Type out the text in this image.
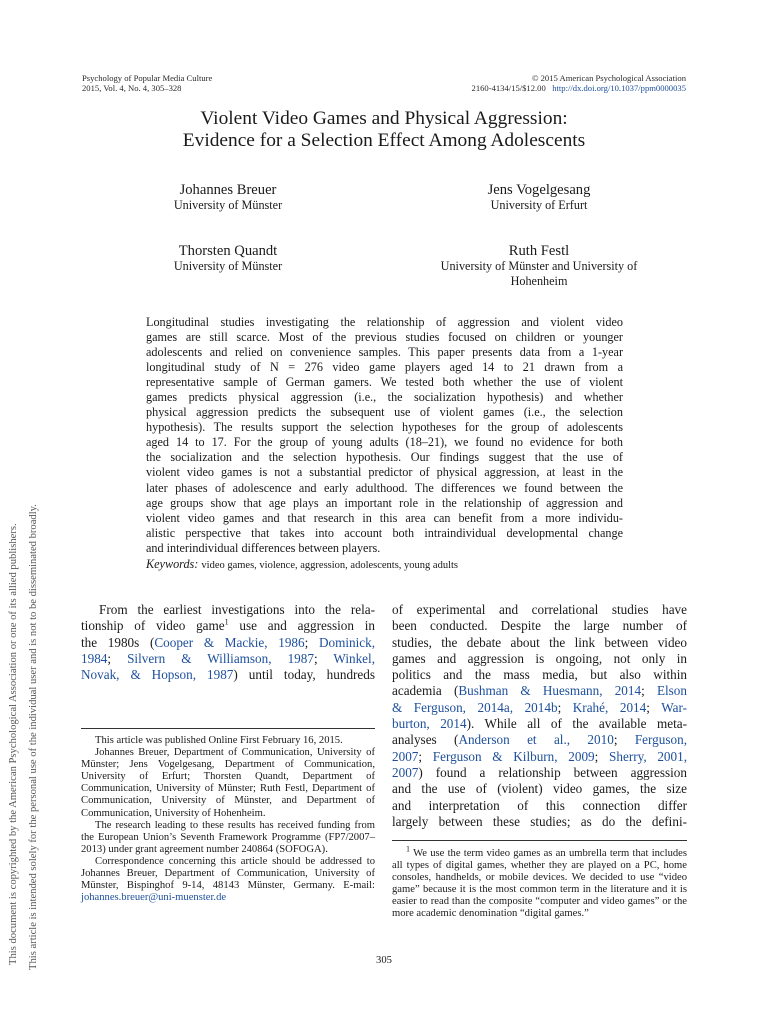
Psychology of Popular Media Culture
2015, Vol. 4, No. 4, 305–328
© 2015 American Psychological Association
2160-4134/15/$12.00 http://dx.doi.org/10.1037/ppm0000035
Violent Video Games and Physical Aggression:
Evidence for a Selection Effect Among Adolescents
Johannes Breuer
University of Münster
Jens Vogelgesang
University of Erfurt
Thorsten Quandt
University of Münster
Ruth Festl
University of Münster and University of
Hohenheim
Longitudinal studies investigating the relationship of aggression and violent video
games are still scarce. Most of the previous studies focused on children or younger
adolescents and relied on convenience samples. This paper presents data from a 1-year
longitudinal study of N = 276 video game players aged 14 to 21 drawn from a
representative sample of German gamers. We tested both whether the use of violent
games predicts physical aggression (i.e., the socialization hypothesis) and whether
physical aggression predicts the subsequent use of violent games (i.e., the selection
hypothesis). The results support the selection hypotheses for the group of adolescents
aged 14 to 17. For the group of young adults (18–21), we found no evidence for both
the socialization and the selection hypothesis. Our findings suggest that the use of
violent video games is not a substantial predictor of physical aggression, at least in the
later phases of adolescence and early adulthood. The differences we found between the
age groups show that age plays an important role in the relationship of aggression and
violent video games and that research in this area can benefit from a more individu-
alistic perspective that takes into account both intraindividual developmental change
and interindividual differences between players.
Keywords: video games, violence, aggression, adolescents, young adults
From the earliest investigations into the rela-
tionship of video game$^1$ use and aggression in
the 1980s (Cooper & Mackie, 1986; Dominick,
1984; Silvern & Williamson, 1987; Winkel,
Novak, & Hopson, 1987) until today, hundreds
of experimental and correlational studies have
been conducted. Despite the large number of
studies, the debate about the link between video
games and aggression is ongoing, not only in
politics and the mass media, but also within
academia (Bushman & Huesmann, 2014; Elson
& Ferguson, 2014a, 2014b; Krahé, 2014; War-
burton, 2014). While all of the available meta-
analyses (Anderson et al., 2010; Ferguson,
2007; Ferguson & Kilburn, 2009; Sherry, 2001,
2007) found a relationship between aggression
and the use of (violent) video games, the size
and interpretation of this connection differ
largely between these studies; as do the defini-

This article was published Online First February 16, 2015.

Johannes Breuer, Department of Communication, University of Münster; Jens Vogelgesang, Department of Communication, University of Erfurt; Thorsten Quandt, Department of Communication, University of Münster; Ruth Festl, Department of Communication, University of Münster, and Department of Communication, University of Hohenheim.

The research leading to these results has received funding from the European Union’s Seventh Framework Programme (FP7/2007–2013) under grant agreement number 240864 (SOFOGA).

Correspondence concerning this article should be addressed to Johannes Breuer, Department of Communication, University of Münster, Bispinghof 9-14, 48143 Münster, Germany. E-mail: johannes.breuer@uni-muenster.de

$^1$ We use the term video games as an umbrella term that includes all types of digital games, whether they are played on a PC, home consoles, handhelds, or mobile devices. We decided to use “video game” because it is the most common term in the literature and it is easier to read than the composite “computer and video games” or the more academic denomination “digital games.”

This document is copyrighted by the American Psychological Association or one of its allied publishers. This article is intended solely for the personal use of the individual user and is not to be disseminated broadly.	305
